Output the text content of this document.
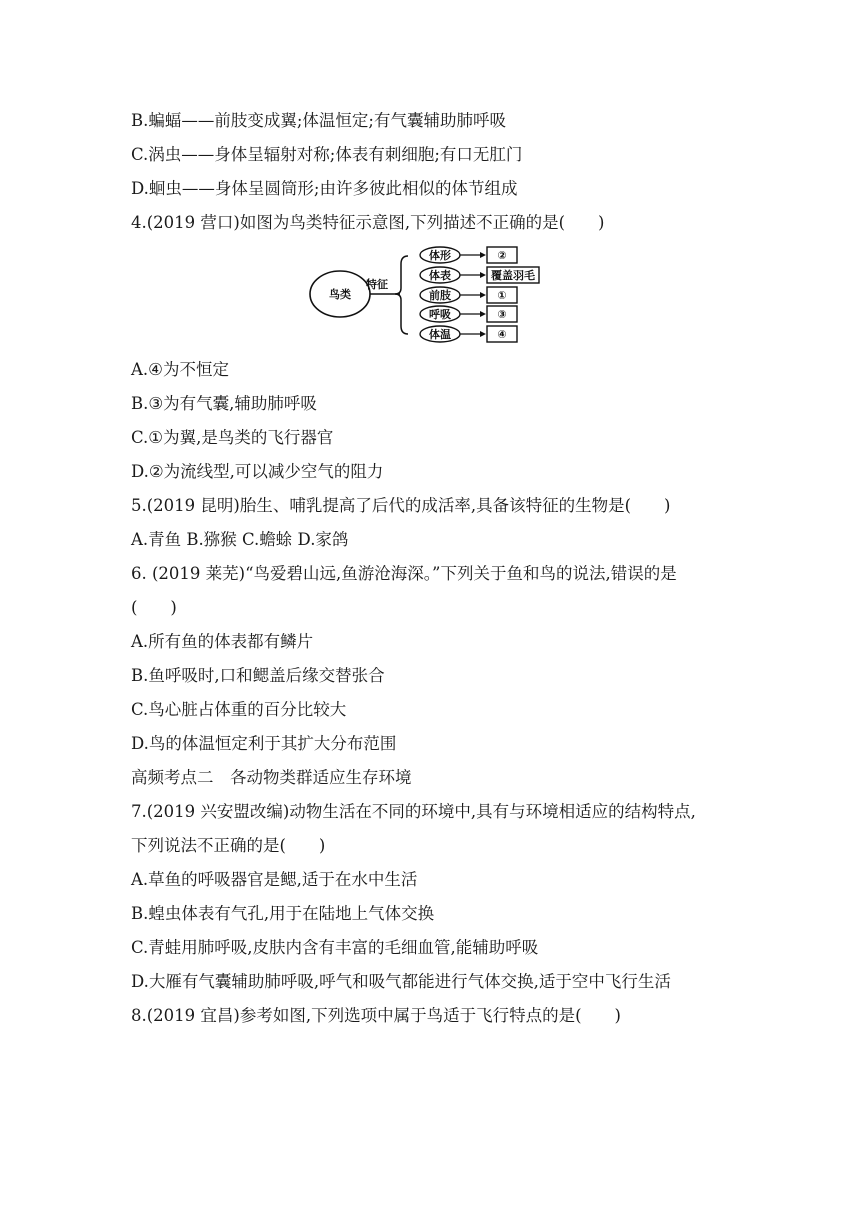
B.蝙蝠——前肢变成翼;体温恒定;有气囊辅助肺呼吸
C.涡虫——身体呈辐射对称;体表有刺细胞;有口无肛门
D.蛔虫——身体呈圆筒形;由许多彼此相似的体节组成
4.(2019 营口)如图为鸟类特征示意图,下列描述不正确的是(　　)
鸟类
特征
体形	②
体表	覆盖羽毛
前肢	①
呼吸	③
体温	④
A.④为不恒定
B.③为有气囊,辅助肺呼吸
C.①为翼,是鸟类的飞行器官
D.②为流线型,可以减少空气的阻力
5.(2019 昆明)胎生、哺乳提高了后代的成活率,具备该特征的生物是(　　)
A.青鱼 B.猕猴 C.蟾蜍 D.家鸽
6. (2019 莱芜)“鸟爱碧山远,鱼游沧海深。”下列关于鱼和鸟的说法,错误的是
(　　)
A.所有鱼的体表都有鳞片
B.鱼呼吸时,口和鳃盖后缘交替张合
C.鸟心脏占体重的百分比较大
D.鸟的体温恒定利于其扩大分布范围
高频考点二　各动物类群适应生存环境
7.(2019 兴安盟改编)动物生活在不同的环境中,具有与环境相适应的结构特点,
下列说法不正确的是(　　)
A.草鱼的呼吸器官是鳃,适于在水中生活
B.蝗虫体表有气孔,用于在陆地上气体交换
C.青蛙用肺呼吸,皮肤内含有丰富的毛细血管,能辅助呼吸
D.大雁有气囊辅助肺呼吸,呼气和吸气都能进行气体交换,适于空中飞行生活
8.(2019 宜昌)参考如图,下列选项中属于鸟适于飞行特点的是(　　)
